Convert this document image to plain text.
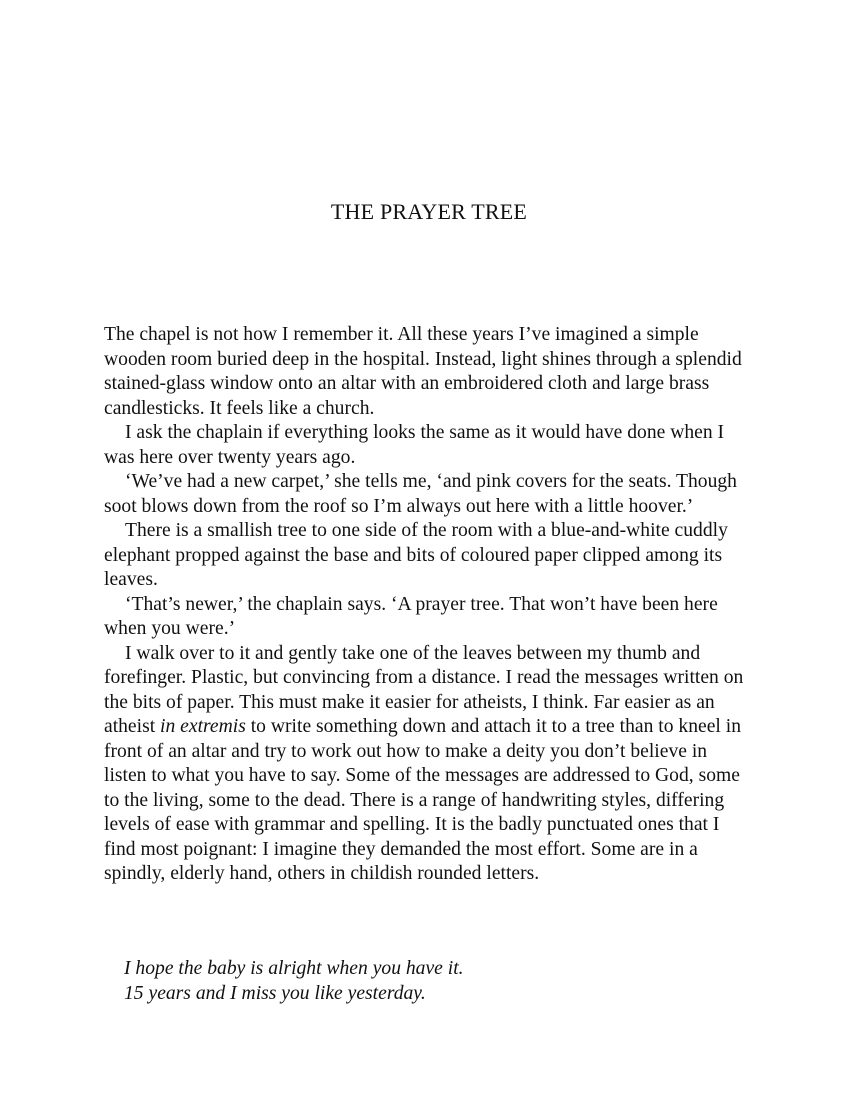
THE PRAYER TREE

The chapel is not how I remember it. All these years I’ve imagined a simple wooden room buried deep in the hospital. Instead, light shines through a splendid stained-glass window onto an altar with an embroidered cloth and large brass candlesticks. It feels like a church.

I ask the chaplain if everything looks the same as it would have done when I was here over twenty years ago.

‘We’ve had a new carpet,’ she tells me, ‘and pink covers for the seats. Though soot blows down from the roof so I’m always out here with a little hoover.’

There is a smallish tree to one side of the room with a blue-and-white cuddly elephant propped against the base and bits of coloured paper clipped among its leaves.

‘That’s newer,’ the chaplain says. ‘A prayer tree. That won’t have been here when you were.’

I walk over to it and gently take one of the leaves between my thumb and forefinger. Plastic, but convincing from a distance. I read the messages written on the bits of paper. This must make it easier for atheists, I think. Far easier as an atheist in extremis to write something down and attach it to a tree than to kneel in front of an altar and try to work out how to make a deity you don’t believe in listen to what you have to say. Some of the messages are addressed to God, some to the living, some to the dead. There is a range of handwriting styles, differing levels of ease with grammar and spelling. It is the badly punctuated ones that I find most poignant: I imagine they demanded the most effort. Some are in a spindly, elderly hand, others in childish rounded letters.

I hope the baby is alright when you have it.
15 years and I miss you like yesterday.
